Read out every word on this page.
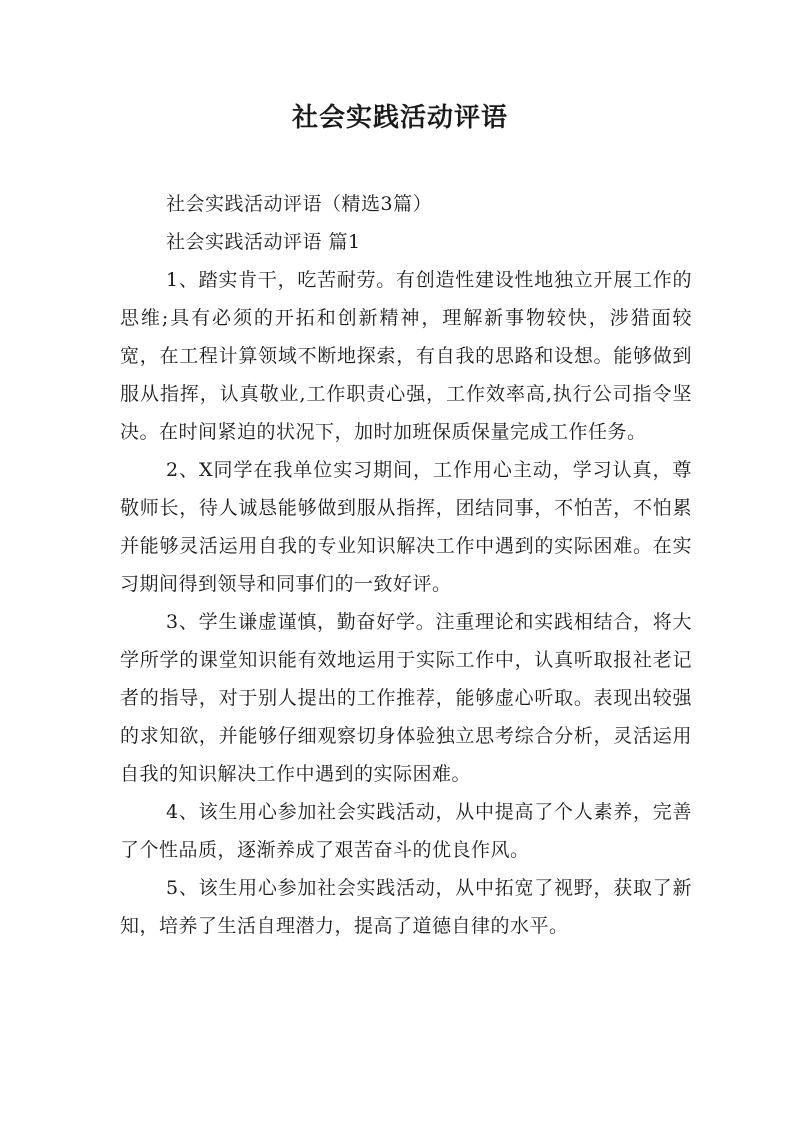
社会实践活动评语

社会实践活动评语（精选3篇）

社会实践活动评语 篇1

1、踏实肯干，吃苦耐劳。有创造性建设性地独立开展工作的思维;具有必须的开拓和创新精神，理解新事物较快，涉猎面较宽，在工程计算领域不断地探索，有自我的思路和设想。能够做到服从指挥，认真敬业,工作职责心强，工作效率高,执行公司指令坚决。在时间紧迫的状况下，加时加班保质保量完成工作任务。

2、X同学在我单位实习期间，工作用心主动，学习认真，尊敬师长，待人诚恳能够做到服从指挥，团结同事，不怕苦，不怕累并能够灵活运用自我的专业知识解决工作中遇到的实际困难。在实习期间得到领导和同事们的一致好评。

3、学生谦虚谨慎，勤奋好学。注重理论和实践相结合，将大学所学的课堂知识能有效地运用于实际工作中，认真听取报社老记者的指导，对于别人提出的工作推荐，能够虚心听取。表现出较强的求知欲，并能够仔细观察切身体验独立思考综合分析，灵活运用自我的知识解决工作中遇到的实际困难。

4、该生用心参加社会实践活动，从中提高了个人素养，完善了个性品质，逐渐养成了艰苦奋斗的优良作风。

5、该生用心参加社会实践活动，从中拓宽了视野，获取了新知，培养了生活自理潜力，提高了道德自律的水平。
